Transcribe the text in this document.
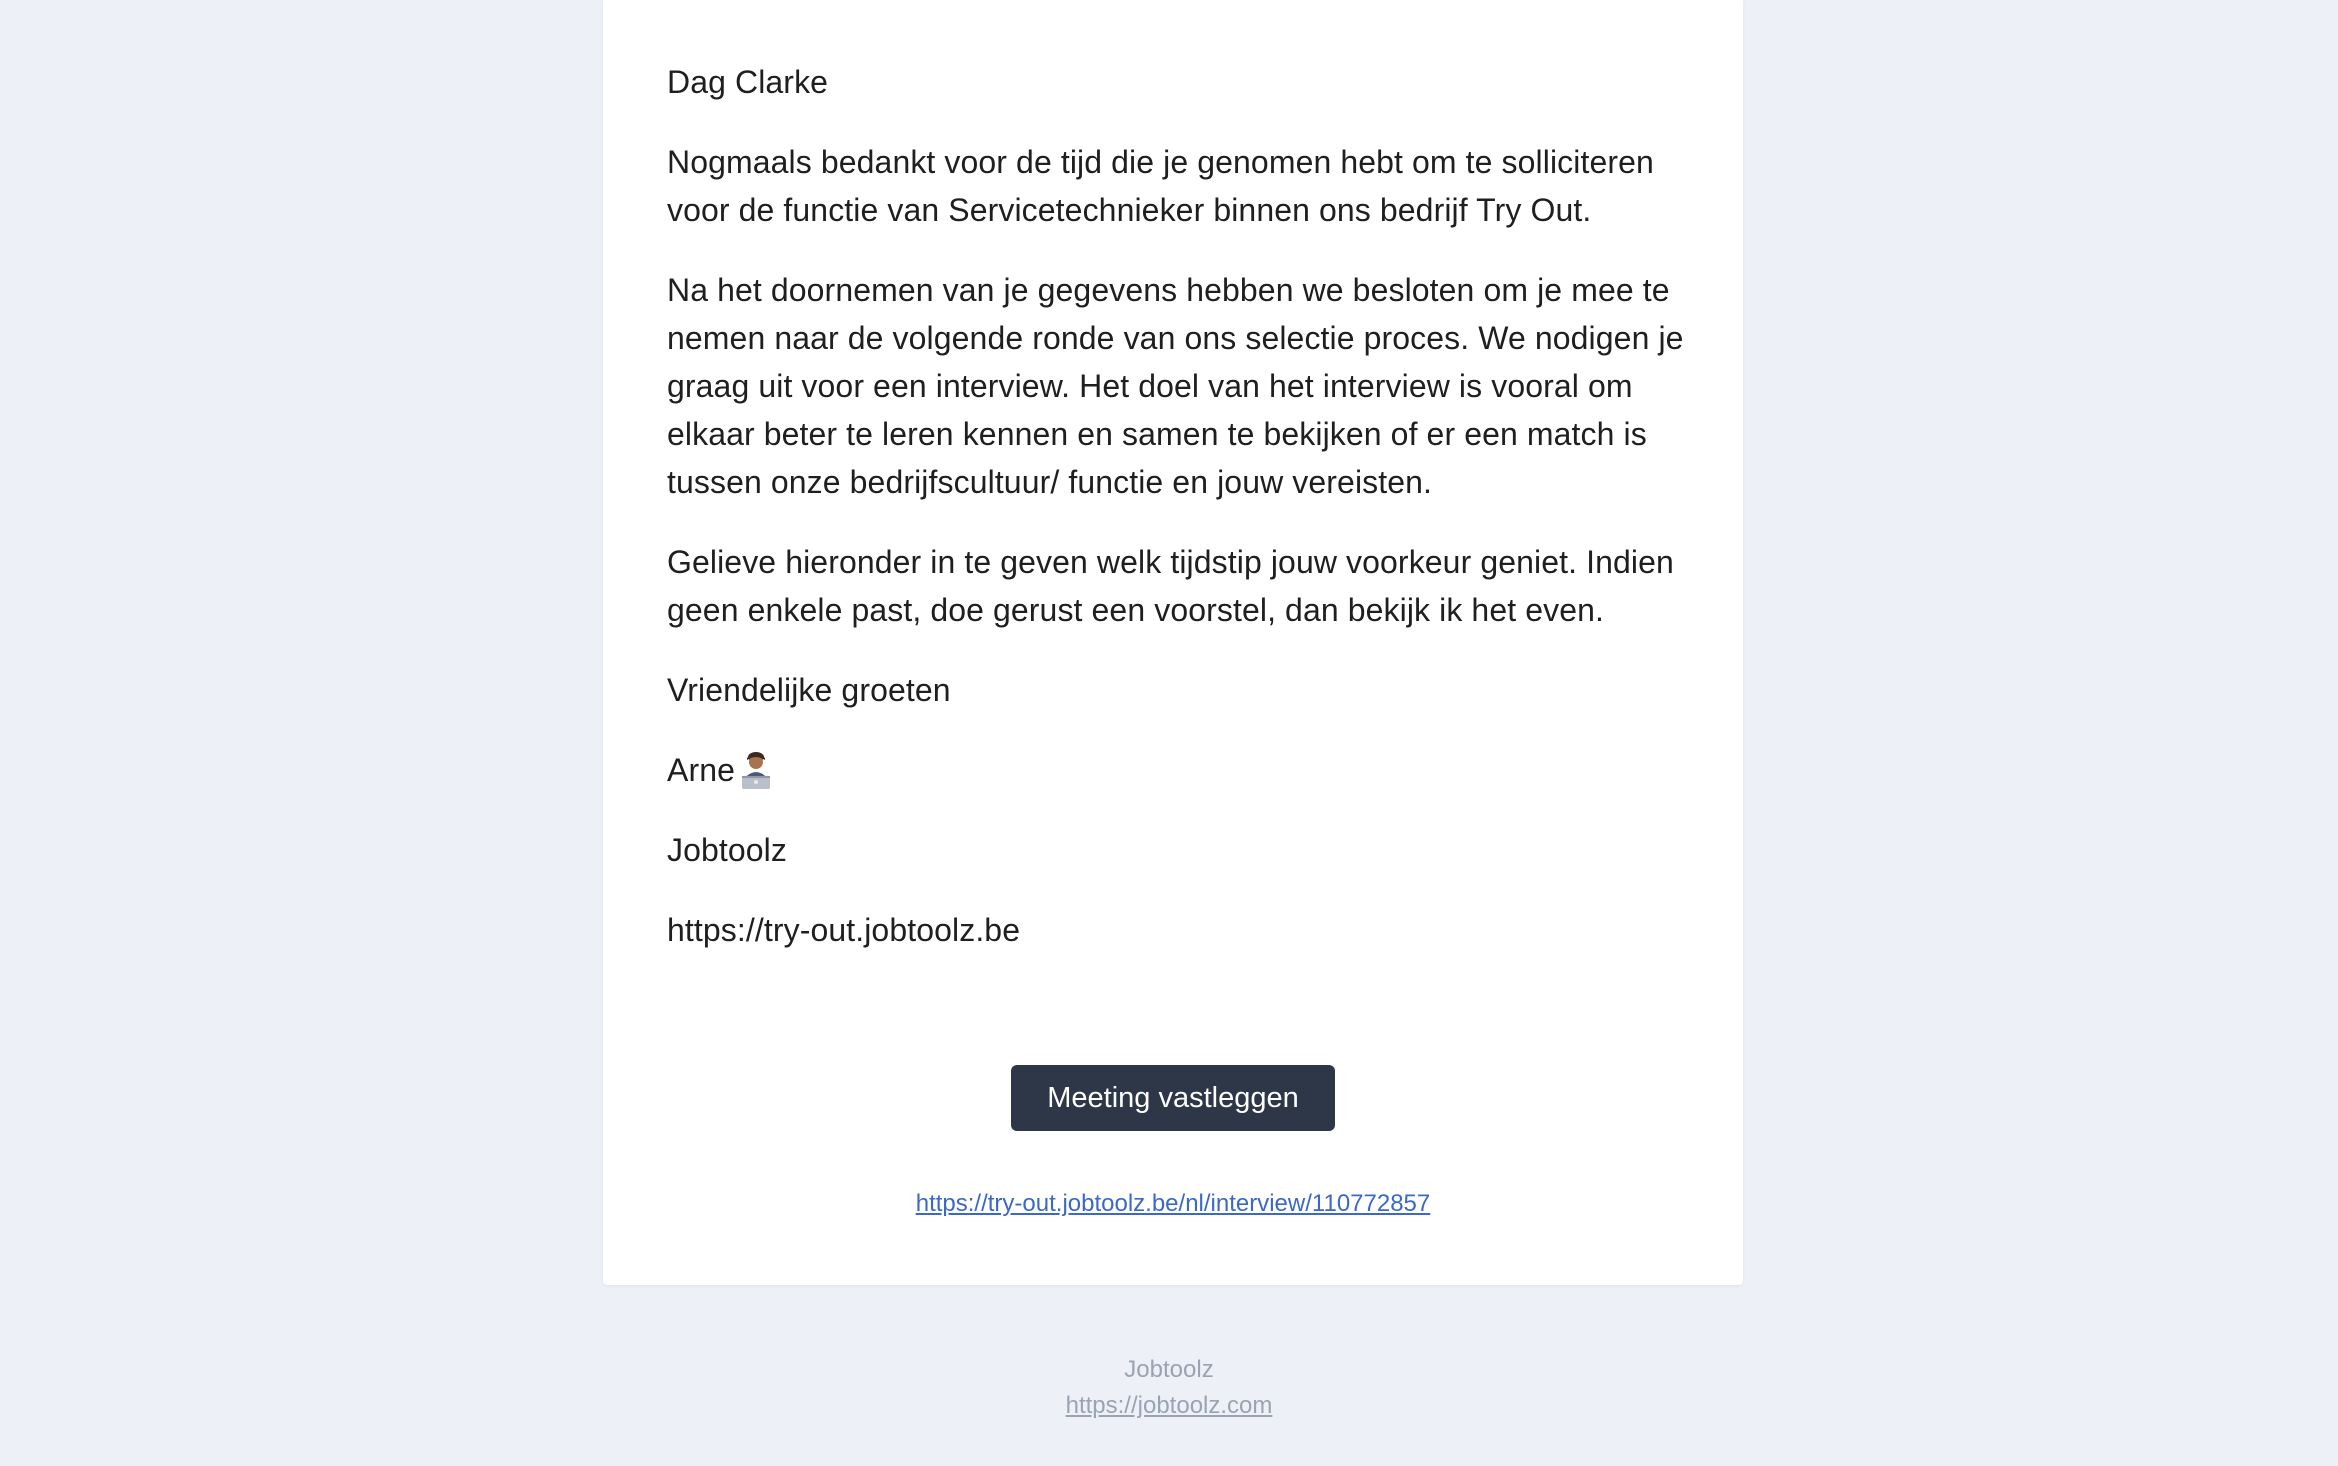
Dag Clarke

Nogmaals bedankt voor de tijd die je genomen hebt om te solliciteren voor de functie van Servicetechnieker binnen ons bedrijf Try Out.

Na het doornemen van je gegevens hebben we besloten om je mee te nemen naar de volgende ronde van ons selectie proces. We nodigen je graag uit voor een interview. Het doel van het interview is vooral om elkaar beter te leren kennen en samen te bekijken of er een match is tussen onze bedrijfscultuur/ functie en jouw vereisten.

Gelieve hieronder in te geven welk tijdstip jouw voorkeur geniet. Indien geen enkele past, doe gerust een voorstel, dan bekijk ik het even.

Vriendelijke groeten

Arne

Jobtoolz

https://try-out.jobtoolz.be

Meeting vastleggen
https://try-out.jobtoolz.be/nl/interview/110772857
Jobtoolz
https://jobtoolz.com
